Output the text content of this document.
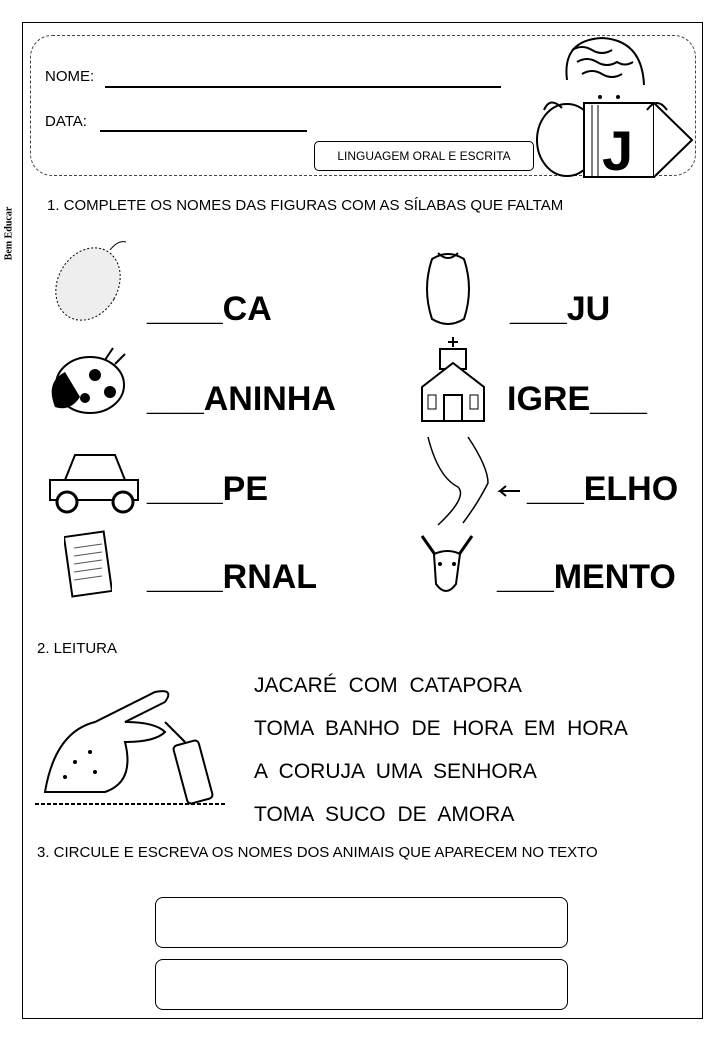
Bem Educar
NOME:
DATA:
LINGUAGEM ORAL E ESCRITA	J
1. COMPLETE OS NOMES DAS FIGURAS COM AS SÍLABAS QUE FALTAM
____CA	___JU
___ANINHA	IGRE___
____PE	___ELHO
____RNAL	___MENTO
2. LEITURA
JACARÉ COM CATAPORA
TOMA BANHO DE HORA EM HORA
A CORUJA UMA SENHORA
TOMA SUCO DE AMORA
3. CIRCULE E ESCREVA OS NOMES DOS ANIMAIS QUE APARECEM NO TEXTO
